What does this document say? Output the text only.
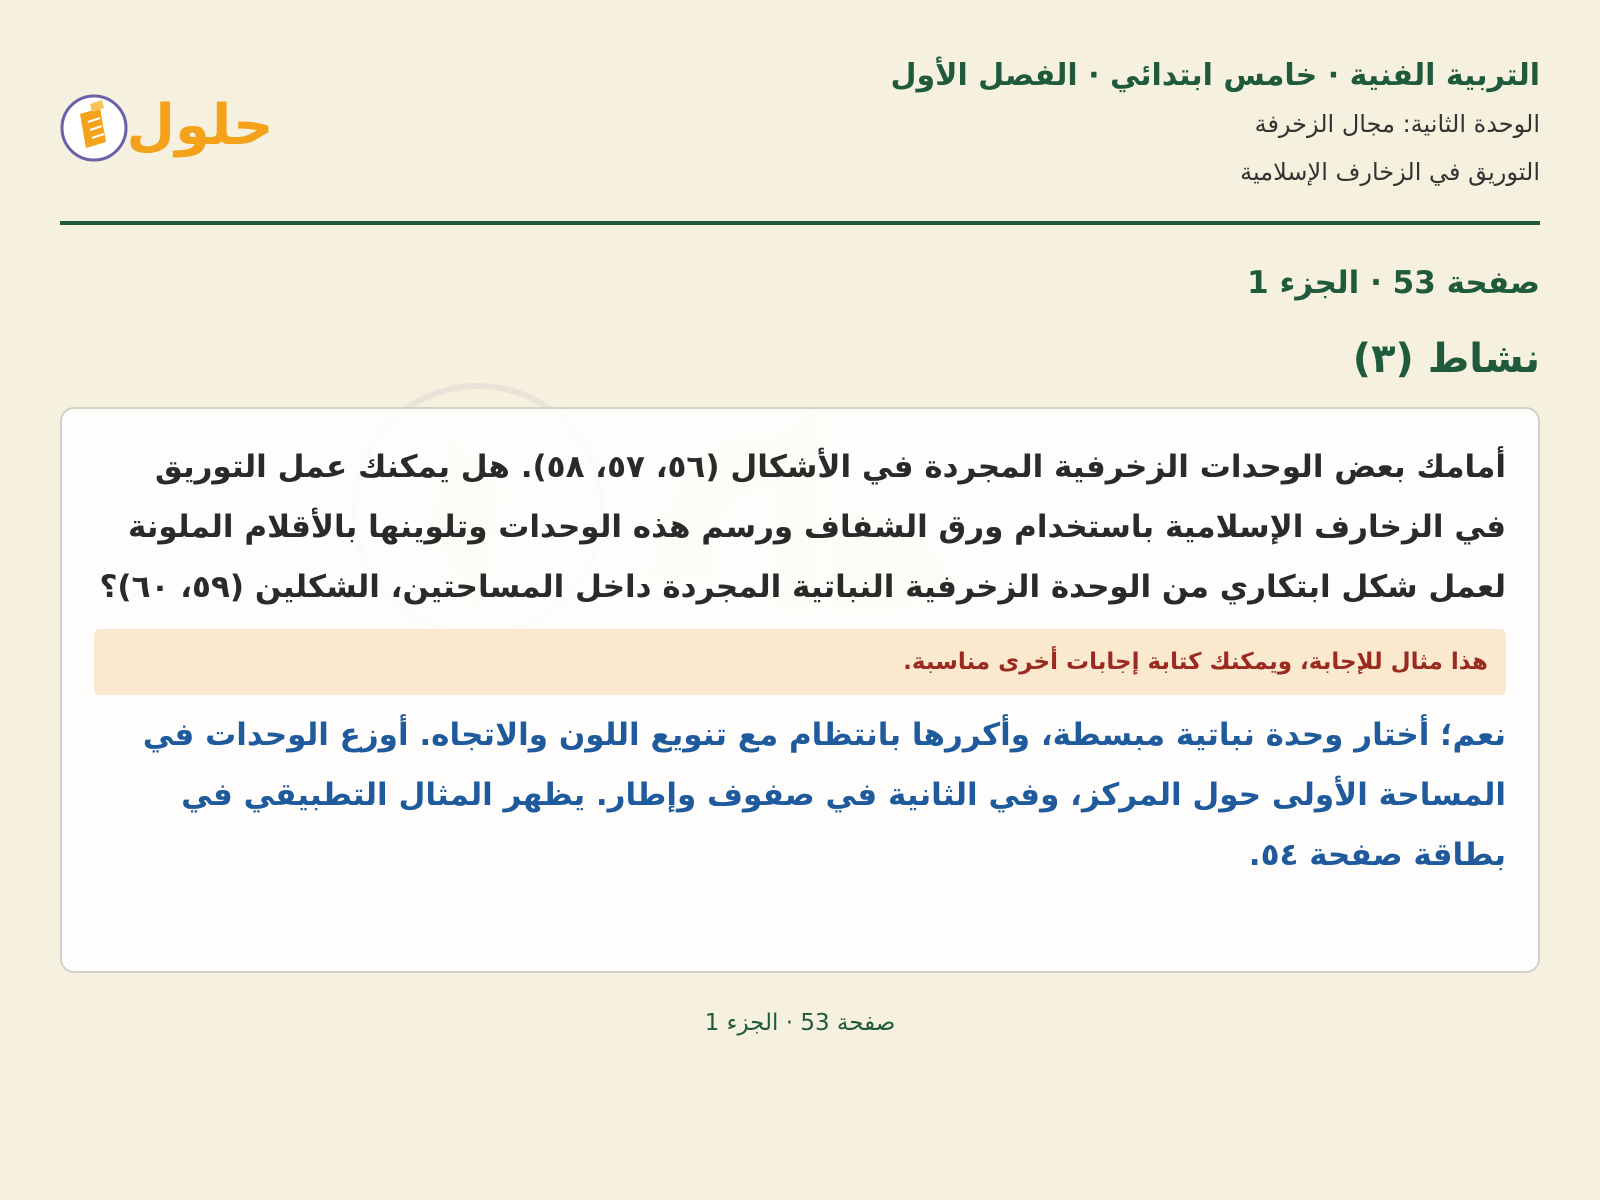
التربية الفنية · خامس ابتدائي · الفصل الأول
الوحدة الثانية: مجال الزخرفة
التوريق في الزخارف الإسلامية
حلول
صفحة 53 · الجزء 1
نشاط (٣)
أمامك بعض الوحدات الزخرفية المجردة في الأشكال (٥٦، ٥٧، ٥٨). هل يمكنك عمل التوريق في الزخارف الإسلامية باستخدام ورق الشفاف ورسم هذه الوحدات وتلوينها بالأقلام الملونة لعمل شكل ابتكاري من الوحدة الزخرفية النباتية المجردة داخل المساحتين، الشكلين (٥٩، ٦٠)؟
هذا مثال للإجابة، ويمكنك كتابة إجابات أخرى مناسبة.
نعم؛ أختار وحدة نباتية مبسطة، وأكررها بانتظام مع تنويع اللون والاتجاه. أوزع الوحدات في المساحة الأولى حول المركز، وفي الثانية في صفوف وإطار. يظهر المثال التطبيقي في بطاقة صفحة ٥٤.
صفحة 53 · الجزء 1
